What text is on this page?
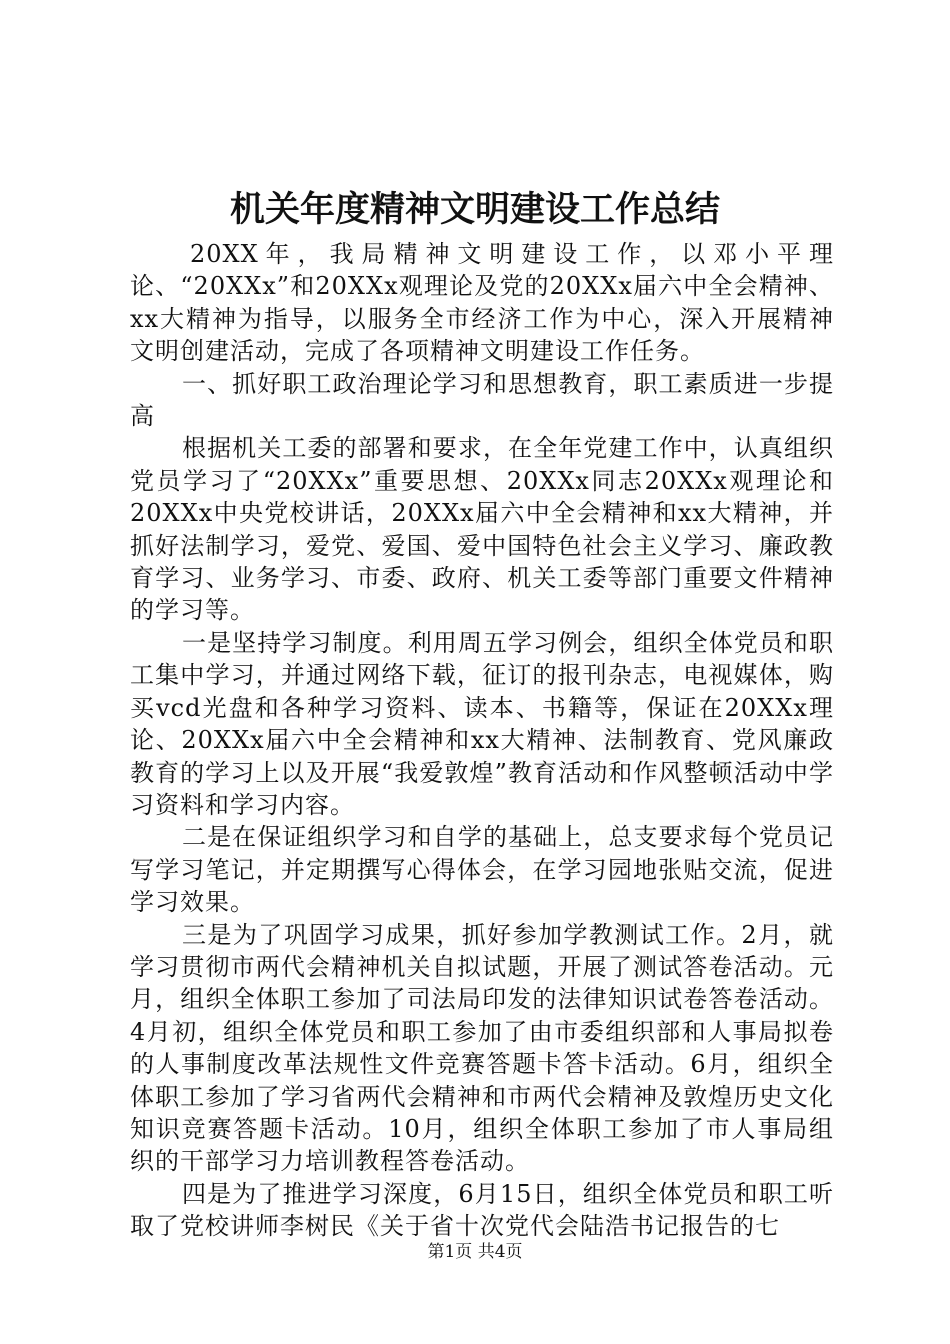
机关年度精神文明建设工作总结

20XX年，我局精神文明建设工作，以邓小平理论、“20XXx”和20XXx观理论及党的20XXx届六中全会精神、xx大精神为指导，以服务全市经济工作为中心，深入开展精神文明创建活动，完成了各项精神文明建设工作任务。

一、抓好职工政治理论学习和思想教育，职工素质进一步提高

根据机关工委的部署和要求，在全年党建工作中，认真组织党员学习了“20XXx”重要思想、20XXx同志20XXx观理论和20XXx中央党校讲话，20XXx届六中全会精神和xx大精神，并抓好法制学习，爱党、爱国、爱中国特色社会主义学习、廉政教育学习、业务学习、市委、政府、机关工委等部门重要文件精神的学习等。

一是坚持学习制度。利用周五学习例会，组织全体党员和职工集中学习，并通过网络下载，征订的报刊杂志，电视媒体，购买vcd光盘和各种学习资料、读本、书籍等，保证在20XXx理论、20XXx届六中全会精神和xx大精神、法制教育、党风廉政教育的学习上以及开展“我爱敦煌”教育活动和作风整顿活动中学习资料和学习内容。

二是在保证组织学习和自学的基础上，总支要求每个党员记写学习笔记，并定期撰写心得体会，在学习园地张贴交流，促进学习效果。

三是为了巩固学习成果，抓好参加学教测试工作。2月，就学习贯彻市两代会精神机关自拟试题，开展了测试答卷活动。元月，组织全体职工参加了司法局印发的法律知识试卷答卷活动。4月初，组织全体党员和职工参加了由市委组织部和人事局拟卷的人事制度改革法规性文件竞赛答题卡答卡活动。6月，组织全体职工参加了学习省两代会精神和市两代会精神及敦煌历史文化知识竞赛答题卡活动。10月，组织全体职工参加了市人事局组织的干部学习力培训教程答卷活动。

四是为了推进学习深度，6月15日，组织全体党员和职工听取了党校讲师李树民《关于省十次党代会陆浩书记报告的七

第1页 共4页
